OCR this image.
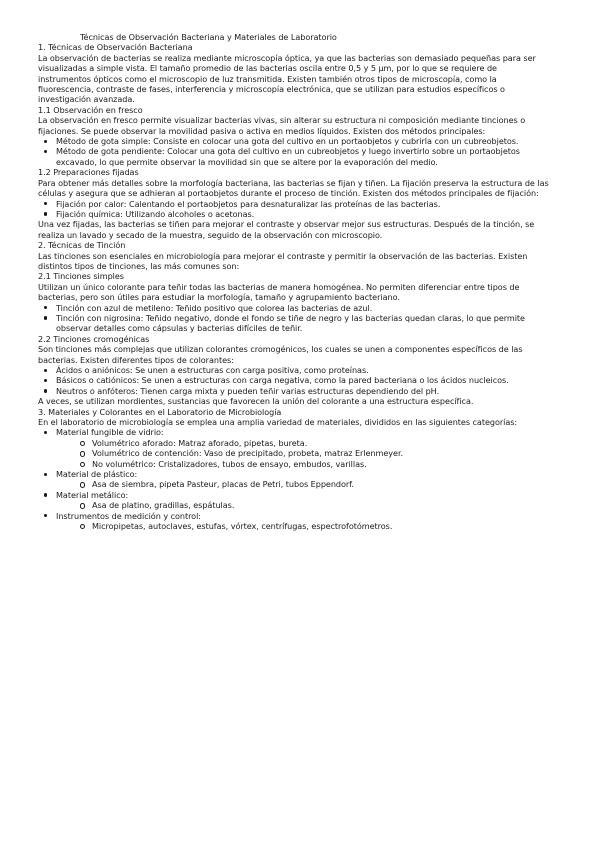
Técnicas de Observación Bacteriana y Materiales de Laboratorio

1. Técnicas de Observación Bacteriana

La observación de bacterias se realiza mediante microscopía óptica, ya que las bacterias son demasiado pequeñas para ser visualizadas a simple vista. El tamaño promedio de las bacterias oscila entre 0,5 y 5 µm, por lo que se requiere de instrumentos ópticos como el microscopio de luz transmitida. Existen también otros tipos de microscopía, como la fluorescencia, contraste de fases, interferencia y microscopía electrónica, que se utilizan para estudios específicos o investigación avanzada.

1.1 Observación en fresco

La observación en fresco permite visualizar bacterias vivas, sin alterar su estructura ni composición mediante tinciones o fijaciones. Se puede observar la movilidad pasiva o activa en medios líquidos. Existen dos métodos principales:

Método de gota simple: Consiste en colocar una gota del cultivo en un portaobjetos y cubrirla con un cubreobjetos.
Método de gota pendiente: Colocar una gota del cultivo en un cubreobjetos y luego invertirlo sobre un portaobjetos excavado, lo que permite observar la movilidad sin que se altere por la evaporación del medio.

1.2 Preparaciones fijadas

Para obtener más detalles sobre la morfología bacteriana, las bacterias se fijan y tiñen. La fijación preserva la estructura de las células y asegura que se adhieran al portaobjetos durante el proceso de tinción. Existen dos métodos principales de fijación:

Fijación por calor: Calentando el portaobjetos para desnaturalizar las proteínas de las bacterias.
Fijación química: Utilizando alcoholes o acetonas.

Una vez fijadas, las bacterias se tiñen para mejorar el contraste y observar mejor sus estructuras. Después de la tinción, se realiza un lavado y secado de la muestra, seguido de la observación con microscopio.

2. Técnicas de Tinción

Las tinciones son esenciales en microbiología para mejorar el contraste y permitir la observación de las bacterias. Existen distintos tipos de tinciones, las más comunes son:

2.1 Tinciones simples

Utilizan un único colorante para teñir todas las bacterias de manera homogénea. No permiten diferenciar entre tipos de bacterias, pero son útiles para estudiar la morfología, tamaño y agrupamiento bacteriano.

Tinción con azul de metileno: Teñido positivo que colorea las bacterias de azul.
Tinción con nigrosina: Teñido negativo, donde el fondo se tiñe de negro y las bacterias quedan claras, lo que permite observar detalles como cápsulas y bacterias difíciles de teñir.

2.2 Tinciones cromogénicas

Son tinciones más complejas que utilizan colorantes cromogénicos, los cuales se unen a componentes específicos de las bacterias. Existen diferentes tipos de colorantes:

Ácidos o aniónicos: Se unen a estructuras con carga positiva, como proteínas.
Básicos o catiónicos: Se unen a estructuras con carga negativa, como la pared bacteriana o los ácidos nucleicos.
Neutros o anfóteros: Tienen carga mixta y pueden teñir varias estructuras dependiendo del pH.

A veces, se utilizan mordientes, sustancias que favorecen la unión del colorante a una estructura específica.

3. Materiales y Colorantes en el Laboratorio de Microbiología

En el laboratorio de microbiología se emplea una amplia variedad de materiales, divididos en las siguientes categorías:

Material fungible de vidrio:
Volumétrico aforado: Matraz aforado, pipetas, bureta.
Volumétrico de contención: Vaso de precipitado, probeta, matraz Erlenmeyer.
No volumétrico: Cristalizadores, tubos de ensayo, embudos, varillas.
Material de plástico:
Asa de siembra, pipeta Pasteur, placas de Petri, tubos Eppendorf.
Material metálico:
Asa de platino, gradillas, espátulas.
Instrumentos de medición y control:
Micropipetas, autoclaves, estufas, vórtex, centrífugas, espectrofotómetros.
